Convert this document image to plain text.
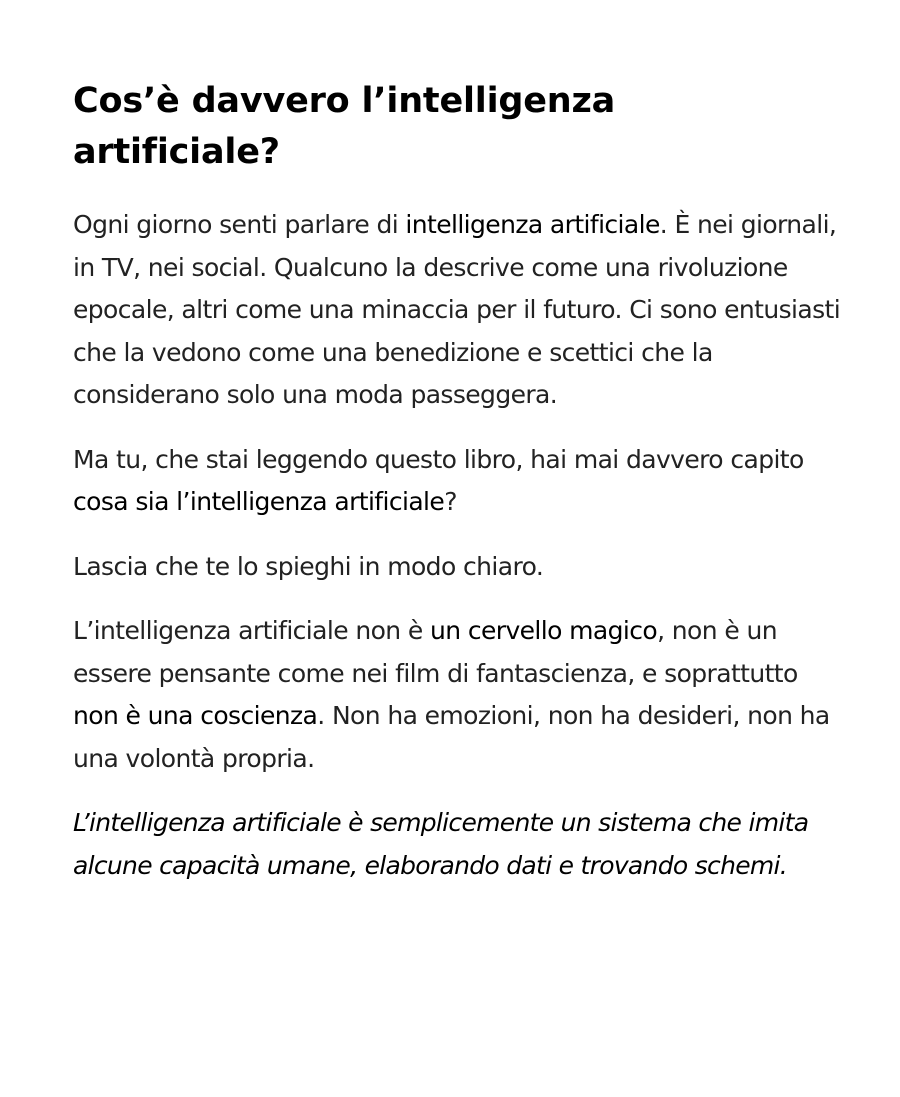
Cos’è davvero l’intelligenza
artificiale?

Ogni giorno senti parlare di intelligenza artificiale. È nei giornali, in TV, nei social. Qualcuno la descrive come una rivoluzione epocale, altri come una minaccia per il futuro. Ci sono entusiasti che la vedono come una benedizione e scettici che la considerano solo una moda passeggera.

Ma tu, che stai leggendo questo libro, hai mai davvero capito cosa sia l’intelligenza artificiale?

Lascia che te lo spieghi in modo chiaro.

L’intelligenza artificiale non è un cervello magico, non è un essere pensante come nei film di fantascienza, e soprattutto non è una coscienza. Non ha emozioni, non ha desideri, non ha una volontà propria.

L’intelligenza artificiale è semplicemente un sistema che imita alcune capacità umane, elaborando dati e trovando schemi.
